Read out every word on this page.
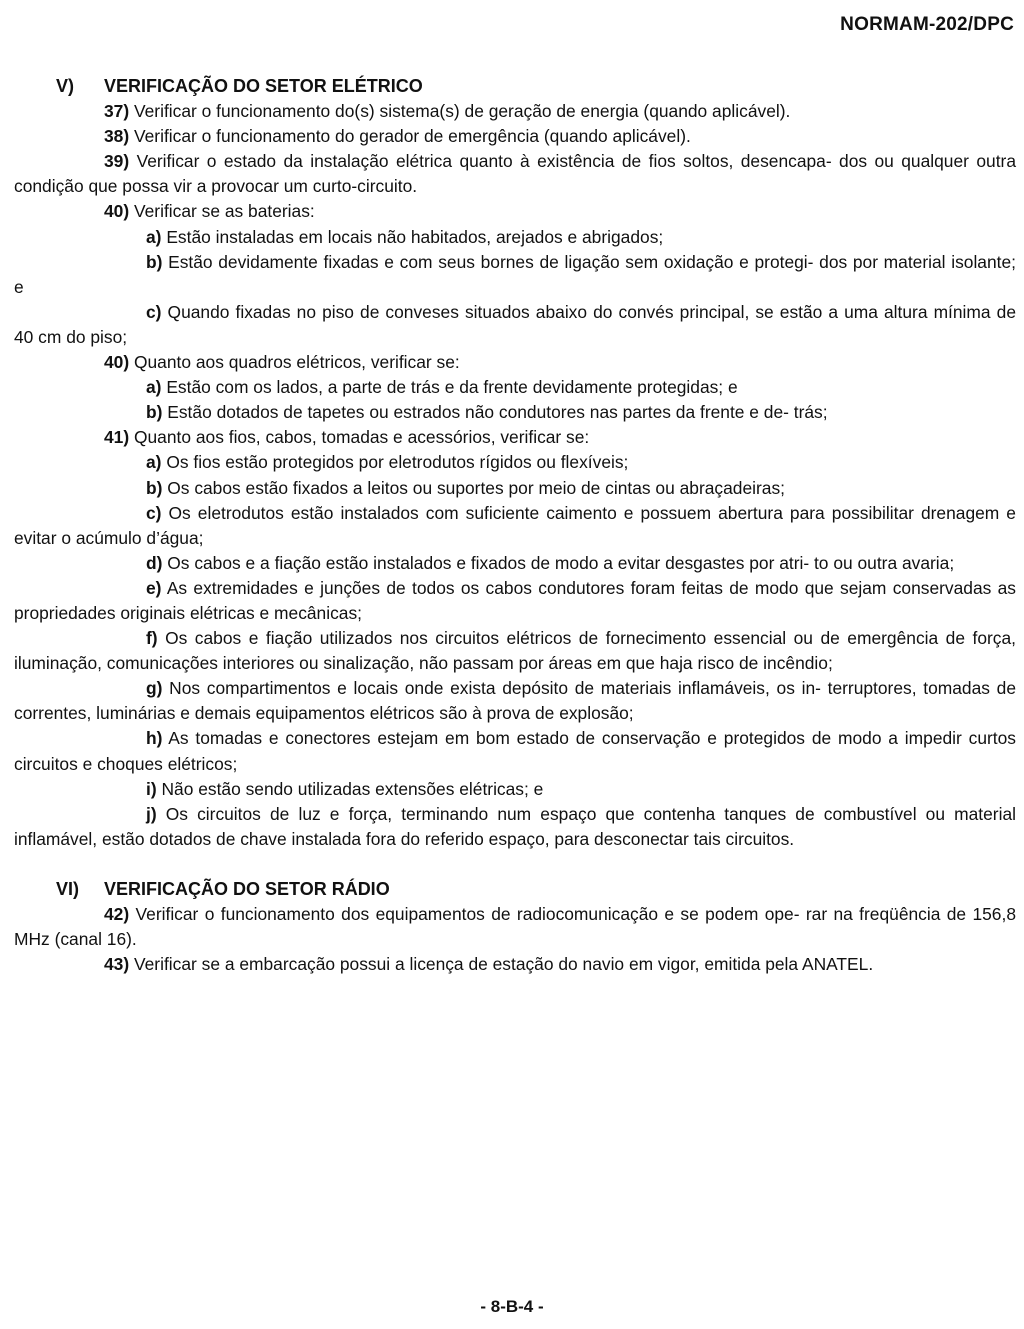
NORMAM-202/DPC
V) VERIFICAÇÃO DO SETOR ELÉTRICO

37) Verificar o funcionamento do(s) sistema(s) de geração de energia (quando aplicável).

38) Verificar o funcionamento do gerador de emergência (quando aplicável).

39) Verificar o estado da instalação elétrica quanto à existência de fios soltos, desencapa- dos ou qualquer outra condição que possa vir a provocar um curto-circuito.

40) Verificar se as baterias:

a) Estão instaladas em locais não habitados, arejados e abrigados;

b) Estão devidamente fixadas e com seus bornes de ligação sem oxidação e protegi- dos por material isolante; e

c) Quando fixadas no piso de conveses situados abaixo do convés principal, se estão a uma altura mínima de 40 cm do piso;

40) Quanto aos quadros elétricos, verificar se:

a) Estão com os lados, a parte de trás e da frente devidamente protegidas; e

b) Estão dotados de tapetes ou estrados não condutores nas partes da frente e de- trás;

41) Quanto aos fios, cabos, tomadas e acessórios, verificar se:

a) Os fios estão protegidos por eletrodutos rígidos ou flexíveis;

b) Os cabos estão fixados a leitos ou suportes por meio de cintas ou abraçadeiras;

c) Os eletrodutos estão instalados com suficiente caimento e possuem abertura para possibilitar drenagem e evitar o acúmulo d’água;

d) Os cabos e a fiação estão instalados e fixados de modo a evitar desgastes por atri- to ou outra avaria;

e) As extremidades e junções de todos os cabos condutores foram feitas de modo que sejam conservadas as propriedades originais elétricas e mecânicas;

f) Os cabos e fiação utilizados nos circuitos elétricos de fornecimento essencial ou de emergência de força, iluminação, comunicações interiores ou sinalização, não passam por áreas em que haja risco de incêndio;

g) Nos compartimentos e locais onde exista depósito de materiais inflamáveis, os in- terruptores, tomadas de correntes, luminárias e demais equipamentos elétricos são à prova de explosão;

h) As tomadas e conectores estejam em bom estado de conservação e protegidos de modo a impedir curtos circuitos e choques elétricos;

i) Não estão sendo utilizadas extensões elétricas; e

j) Os circuitos de luz e força, terminando num espaço que contenha tanques de combustível ou material inflamável, estão dotados de chave instalada fora do referido espaço, para desconectar tais circuitos.

VI) VERIFICAÇÃO DO SETOR RÁDIO

42) Verificar o funcionamento dos equipamentos de radiocomunicação e se podem ope- rar na freqüência de 156,8 MHz (canal 16).

43) Verificar se a embarcação possui a licença de estação do navio em vigor, emitida pela ANATEL.

- 8-B-4 -
